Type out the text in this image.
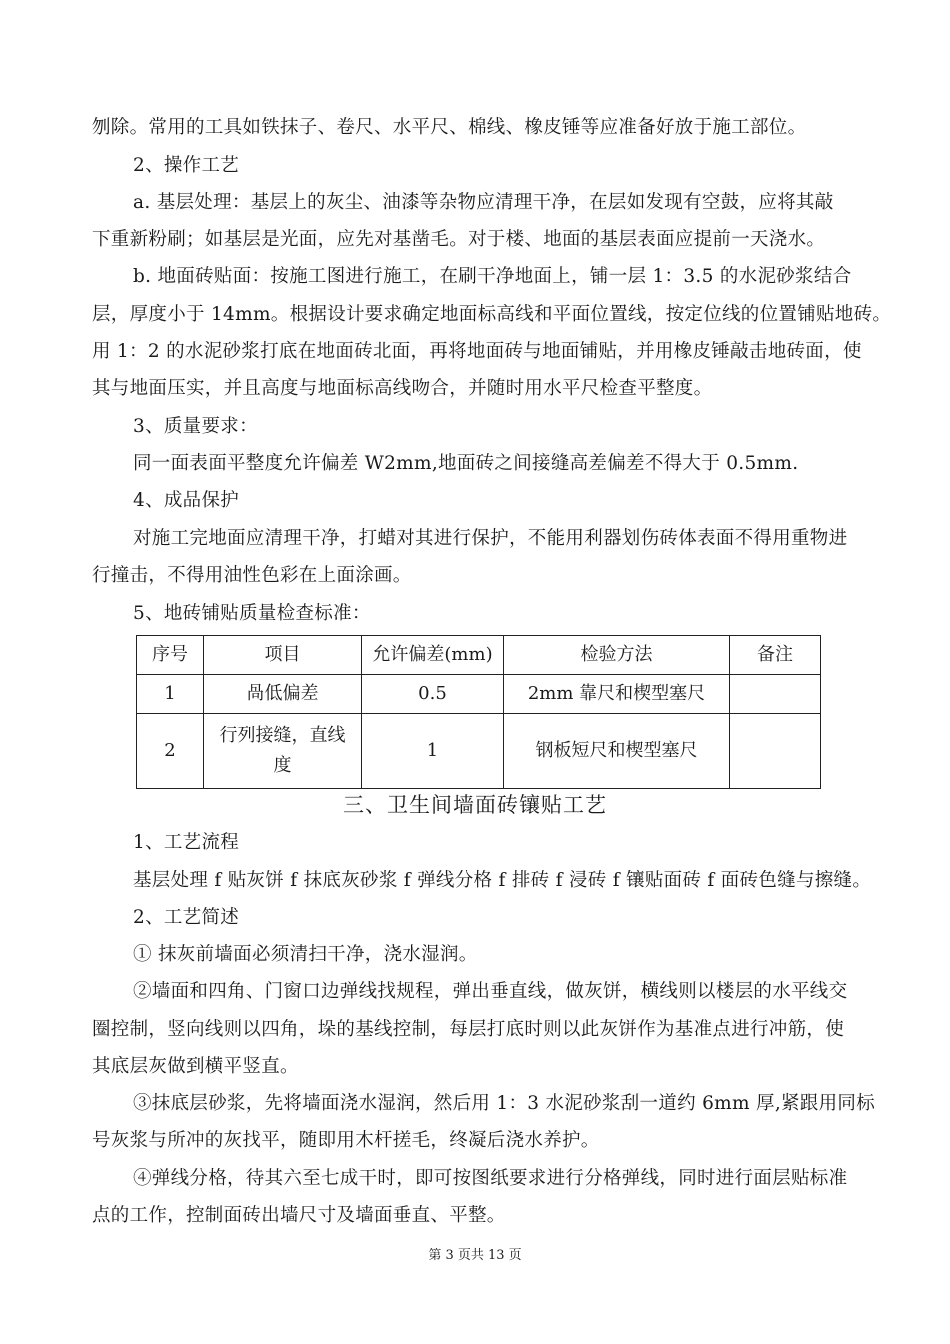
刎除。常用的工具如铁抹子、卷尺、水平尺、棉线、橡皮锤等应准备好放于施工部位。
2、操作工艺
a. 基层处理：基层上的灰尘、油漆等杂物应清理干净，在层如发现有空鼓，应将其敲
下重新粉刷；如基层是光面，应先对基凿毛。对于楼、地面的基层表面应提前一天浇水。
b. 地面砖贴面：按施工图进行施工，在刷干净地面上，铺一层 1：3.5 的水泥砂浆结合
层，厚度小于 14mm。根据设计要求确定地面标高线和平面位置线，按定位线的位置铺贴地砖。
用 1：2 的水泥砂浆打底在地面砖北面，再将地面砖与地面铺贴，并用橡皮锤敲击地砖面，使
其与地面压实，并且高度与地面标高线吻合，并随时用水平尺检查平整度。
3、质量要求：
同一面表面平整度允许偏差 W2mm,地面砖之间接缝高差偏差不得大于 0.5mm.
4、成品保护
对施工完地面应清理干净，打蜡对其进行保护，不能用利器划伤砖体表面不得用重物进
行撞击，不得用油性色彩在上面涂画。
5、地砖铺贴质量检查标准：
序号	项目	允许偏差(mm)	检验方法	备注
1	咼低偏差	0.5	2mm 靠尺和楔型塞尺	
2	行列接缝，直线度	1	钢板短尺和楔型塞尺	
三、卫生间墙面砖镶贴工艺
1、工艺流程
基层处理 f 贴灰饼 f 抹底灰砂浆 f 弹线分格 f 排砖 f 浸砖 f 镶贴面砖 f 面砖色缝与擦缝。
2、工艺简述
① 抹灰前墙面必须清扫干净，浇水湿润。
②墙面和四角、门窗口边弹线找规程，弹出垂直线，做灰饼，横线则以楼层的水平线交
圈控制，竖向线则以四角，垛的基线控制，每层打底时则以此灰饼作为基准点进行冲筋，使
其底层灰做到横平竖直。
③抹底层砂浆，先将墙面浇水湿润，然后用 1：3 水泥砂浆刮一道约 6mm 厚,紧跟用同标
号灰浆与所冲的灰找平，随即用木杆搓毛，终凝后浇水养护。
④弹线分格，待其六至七成干时，即可按图纸要求进行分格弹线，同时进行面层贴标准
点的工作，控制面砖出墙尺寸及墙面垂直、平整。
第 3 页共 13 页
